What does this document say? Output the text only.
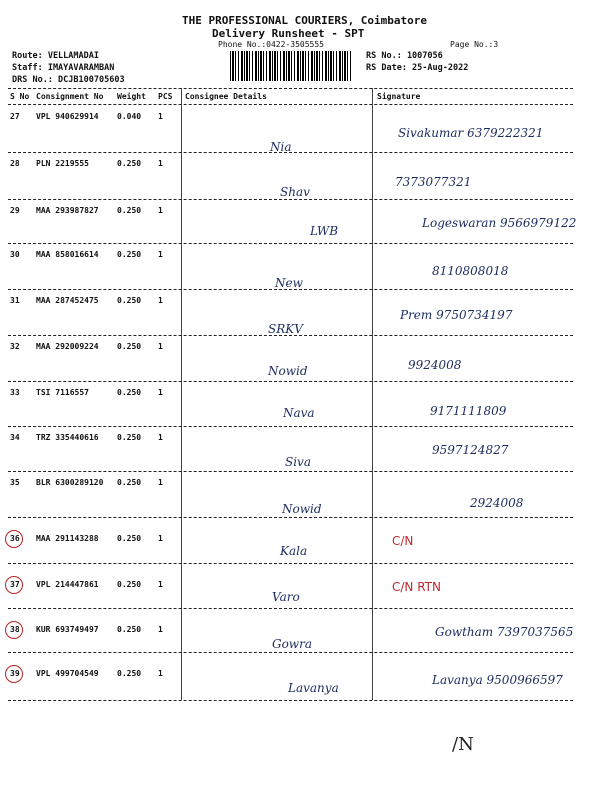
THE PROFESSIONAL COURIERS, Coimbatore
Delivery Runsheet - SPT
Phone No.:0422-3505555	Page No.:3
Route: VELLAMADAI
Staff: IMAYAVARAMBAN
DRS No.: DCJB100705603
RS No.: 1007056
RS Date: 25-Aug-2022
S No Consignment No Weight PCS Consignee Details	Signature
27 VPL 940629914 0.040 1
Nia
Sivakumar 6379222321
28 PLN 2219555	0.250 1
Shav
7373077321
29 MAA 293987827 0.250 1
LWB
Logeswaran 9566979122
30 MAA 858016614 0.250 1
New
8110808018
31 MAA 287452475 0.250 1
SRKV
Prem 9750734197
32 MAA 292009224 0.250 1
Nowid	9924008
33 TSI 7116557	0.250 1
Nava	9171111809
34 TRZ 335440616 0.250 1
Siva
9597124827
35 BLR 6300289120 0.250 1
Nowid	2924008
36 MAA 291143288 0.250 1
Kala
C/N
37 VPL 214447861 0.250 1
Varo
C/N RTN
38 KUR 693749497 0.250 1
Gowra
Gowtham 7397037565
39 VPL 499704549 0.250 1
Lavanya
Lavanya 9500966597
/N
